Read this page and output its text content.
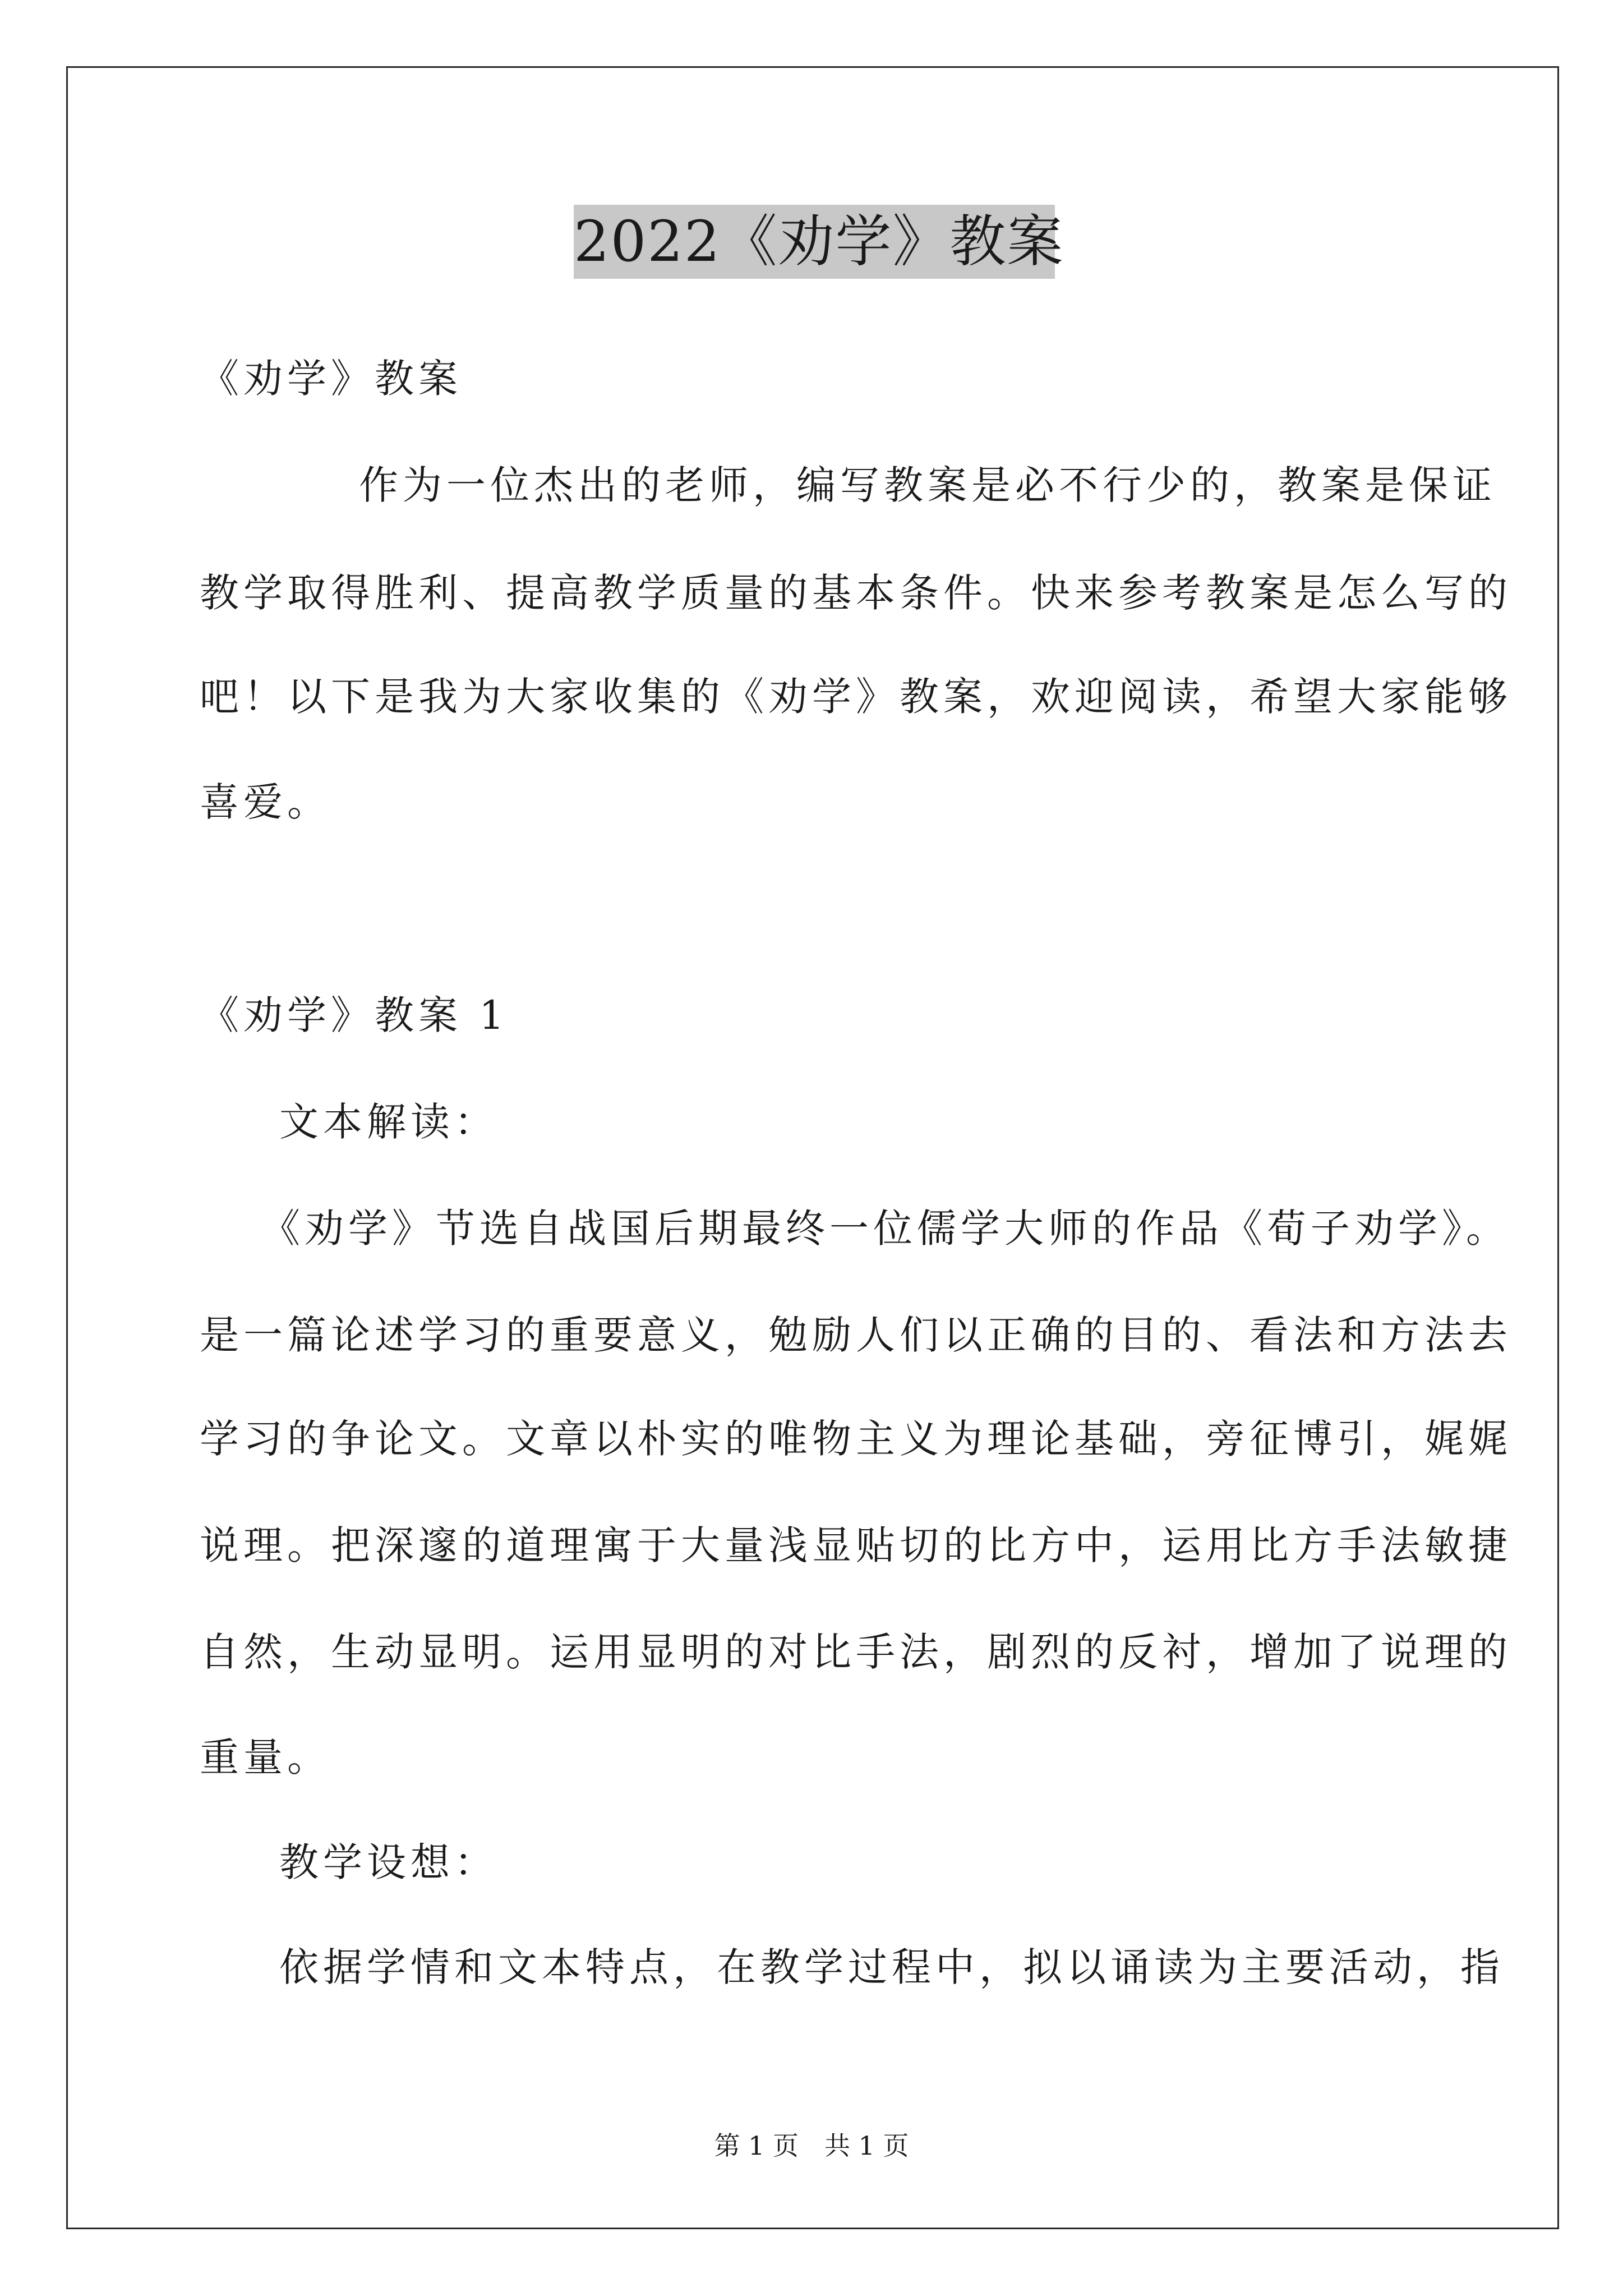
2022《劝学》教案
《劝学》教案
作为一位杰出的老师，编写教案是必不行少的，教案是保证
教学取得胜利、提高教学质量的基本条件。快来参考教案是怎么写的
吧！以下是我为大家收集的《劝学》教案，欢迎阅读，希望大家能够
喜爱。
《劝学》教案 1
文本解读：
《劝学》节选自战国后期最终一位儒学大师的作品《荀子劝学》。
是一篇论述学习的重要意义，勉励人们以正确的目的、看法和方法去
学习的争论文。文章以朴实的唯物主义为理论基础，旁征博引，娓娓
说理。把深邃的道理寓于大量浅显贴切的比方中，运用比方手法敏捷
自然，生动显明。运用显明的对比手法，剧烈的反衬，增加了说理的
重量。
教学设想：
依据学情和文本特点，在教学过程中，拟以诵读为主要活动，指
第 1 页　共 1 页
